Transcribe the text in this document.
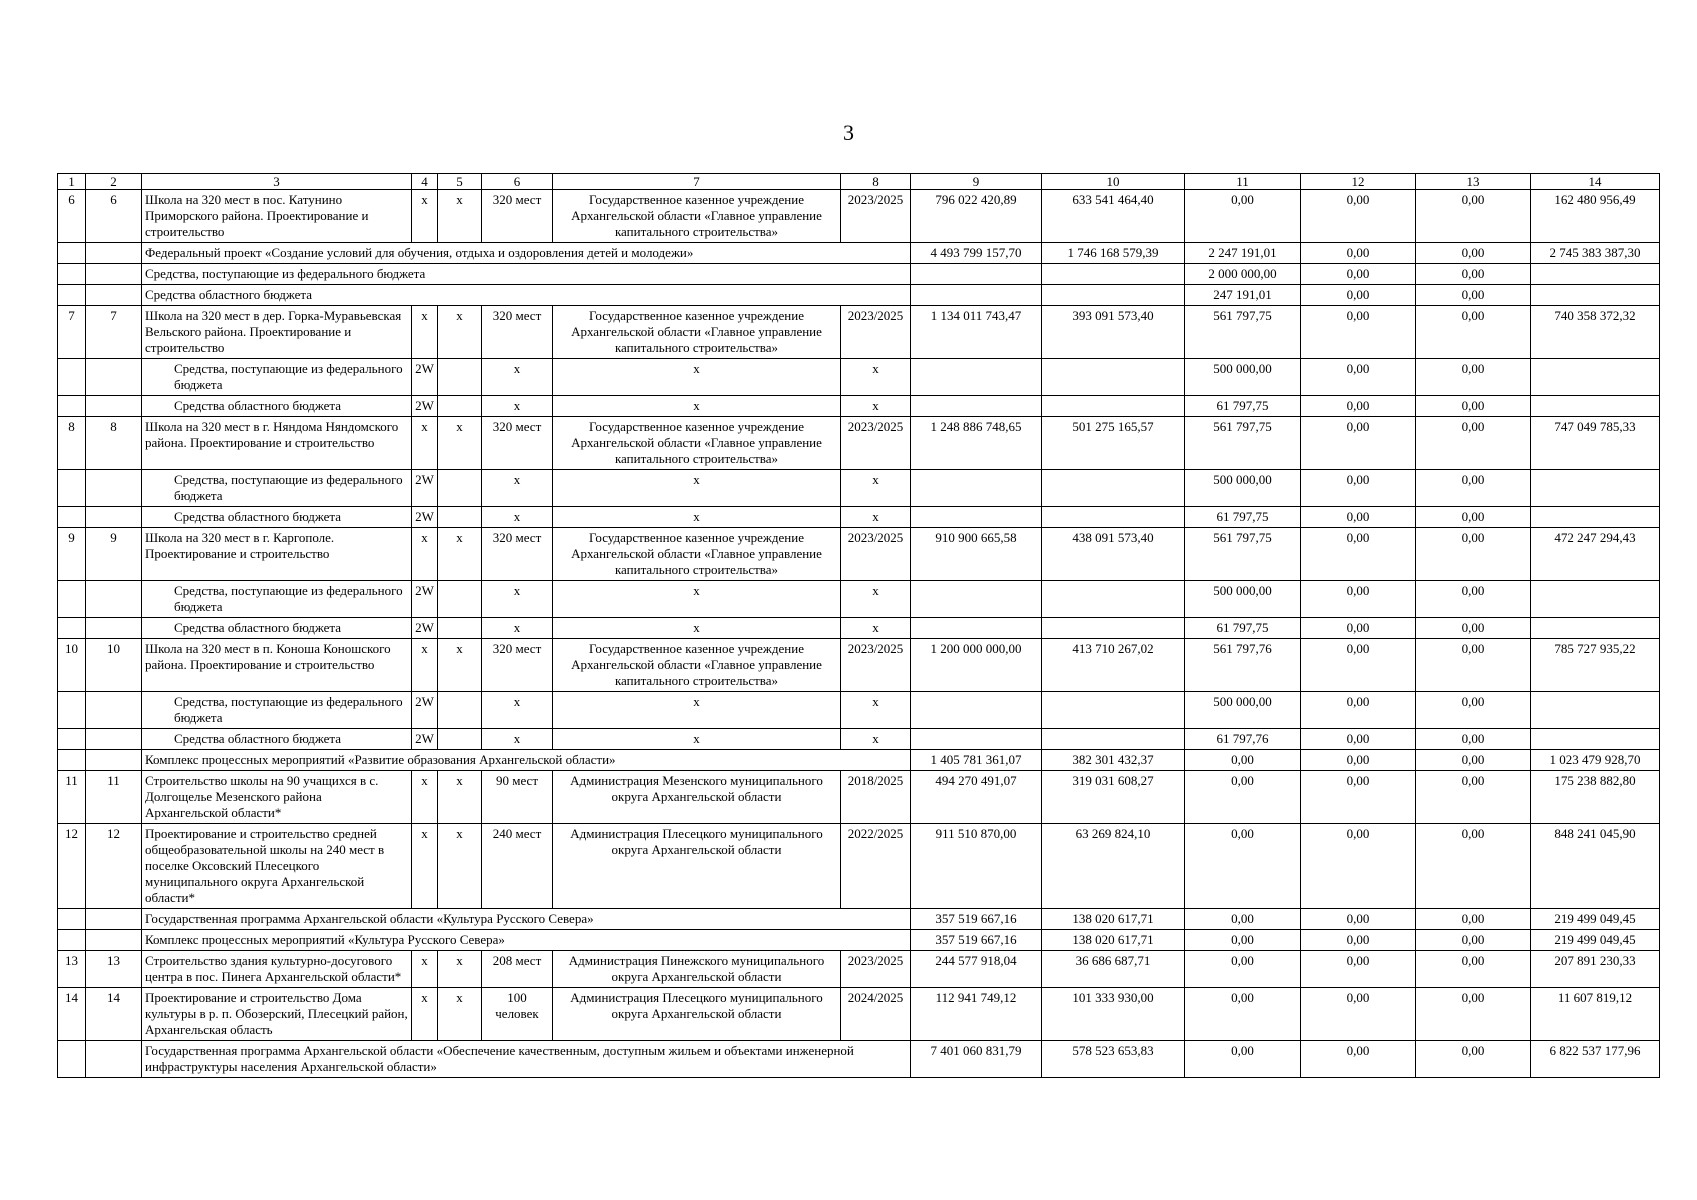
3
1	2	3	4	5	6	7	8	9	10	11	12	13	14
6	6	Школа на 320 мест в пос. Катунино Приморского района. Проектирование и строительство	х	х	320 мест	Государственное казенное учреждение Архангельской области «Главное управление капитального строительства»	2023/2025	796 022 420,89	633 541 464,40	0,00	0,00	0,00	162 480 956,49
		Федеральный проект «Создание условий для обучения, отдыха и оздоровления детей и молодежи»						4 493 799 157,70	1 746 168 579,39	2 247 191,01	0,00	0,00	2 745 383 387,30
		Средства, поступающие из федерального бюджета								2 000 000,00	0,00	0,00	
		Средства областного бюджета								247 191,01	0,00	0,00	
7	7	Школа на 320 мест в дер. Горка-Муравьевская Вельского района. Проектирование и строительство	х	х	320 мест	Государственное казенное учреждение Архангельской области «Главное управление капитального строительства»	2023/2025	1 134 011 743,47	393 091 573,40	561 797,75	0,00	0,00	740 358 372,32
		Средства, поступающие из федерального бюджета	2W		х	х	х			500 000,00	0,00	0,00	
		Средства областного бюджета	2W		х	х	х			61 797,75	0,00	0,00	
8	8	Школа на 320 мест в г. Няндома Няндомского района. Проектирование и строительство	х	х	320 мест	Государственное казенное учреждение Архангельской области «Главное управление капитального строительства»	2023/2025	1 248 886 748,65	501 275 165,57	561 797,75	0,00	0,00	747 049 785,33
		Средства, поступающие из федерального бюджета	2W		х	х	х			500 000,00	0,00	0,00	
		Средства областного бюджета	2W		х	х	х			61 797,75	0,00	0,00	
9	9	Школа на 320 мест в г. Каргополе. Проектирование и строительство	х	х	320 мест	Государственное казенное учреждение Архангельской области «Главное управление капитального строительства»	2023/2025	910 900 665,58	438 091 573,40	561 797,75	0,00	0,00	472 247 294,43
		Средства, поступающие из федерального бюджета	2W		х	х	х			500 000,00	0,00	0,00	
		Средства областного бюджета	2W		х	х	х			61 797,75	0,00	0,00	
10	10	Школа на 320 мест в п. Коноша Коношского района. Проектирование и строительство	х	х	320 мест	Государственное казенное учреждение Архангельской области «Главное управление капитального строительства»	2023/2025	1 200 000 000,00	413 710 267,02	561 797,76	0,00	0,00	785 727 935,22
		Средства, поступающие из федерального бюджета	2W		х	х	х			500 000,00	0,00	0,00	
		Средства областного бюджета	2W		х	х	х			61 797,76	0,00	0,00	
		Комплекс процессных мероприятий «Развитие образования Архангельской области»						1 405 781 361,07	382 301 432,37	0,00	0,00	0,00	1 023 479 928,70
11	11	Строительство школы на 90 учащихся в с. Долгощелье Мезенского района Архангельской области*	х	х	90 мест	Администрация Мезенского муниципального округа Архангельской области	2018/2025	494 270 491,07	319 031 608,27	0,00	0,00	0,00	175 238 882,80
12	12	Проектирование и строительство средней общеобразовательной школы на 240 мест в поселке Оксовский Плесецкого муниципального округа Архангельской области*	х	х	240 мест	Администрация Плесецкого муниципального округа Архангельской области	2022/2025	911 510 870,00	63 269 824,10	0,00	0,00	0,00	848 241 045,90
		Государственная программа Архангельской области «Культура Русского Севера»						357 519 667,16	138 020 617,71	0,00	0,00	0,00	219 499 049,45
		Комплекс процессных мероприятий «Культура Русского Севера»						357 519 667,16	138 020 617,71	0,00	0,00	0,00	219 499 049,45
13	13	Строительство здания культурно-досугового центра в пос. Пинега Архангельской области*	х	х	208 мест	Администрация Пинежского муниципального округа Архангельской области	2023/2025	244 577 918,04	36 686 687,71	0,00	0,00	0,00	207 891 230,33
14	14	Проектирование и строительство Дома культуры в р. п. Обозерский, Плесецкий район, Архангельская область	х	х	100 человек	Администрация Плесецкого муниципального округа Архангельской области	2024/2025	112 941 749,12	101 333 930,00	0,00	0,00	0,00	11 607 819,12
		Государственная программа Архангельской области «Обеспечение качественным, доступным жильем и объектами инженерной инфраструктуры населения Архангельской области»						7 401 060 831,79	578 523 653,83	0,00	0,00	0,00	6 822 537 177,96
